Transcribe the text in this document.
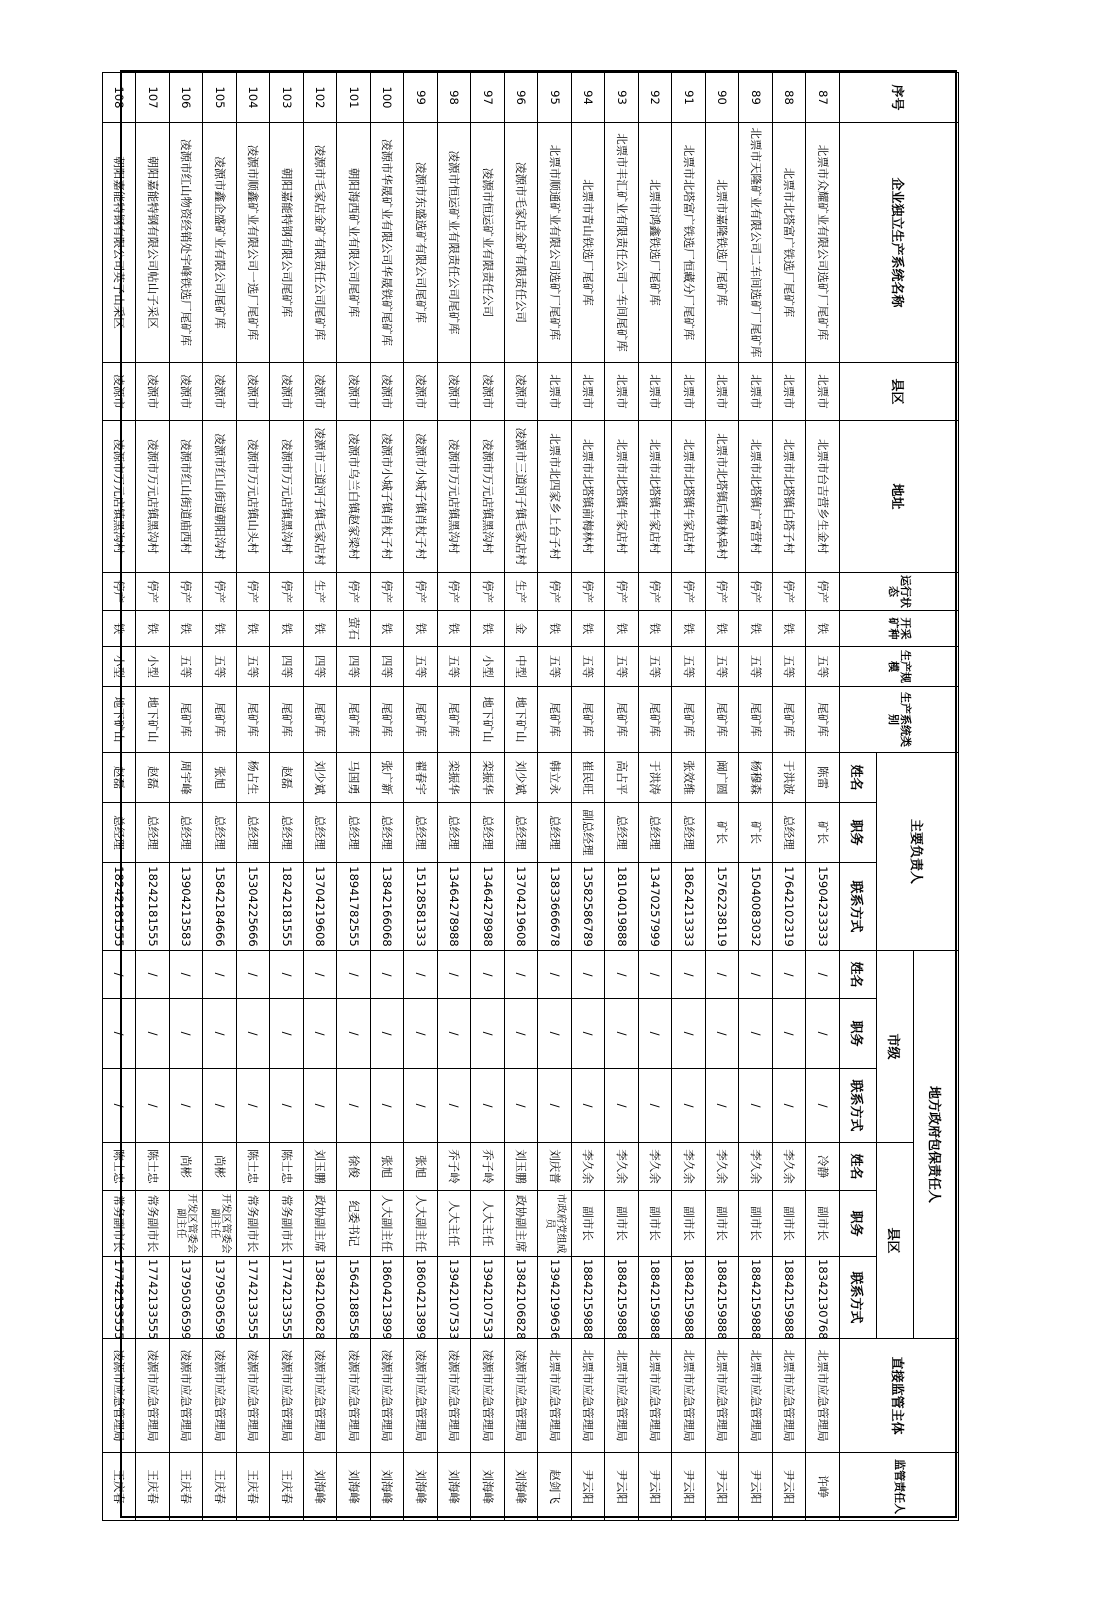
序号	企业独立生产系统名称	县区	地址	运行状态	开采矿种	生产规模	生产系统类别	主要负责人			地方政府包保责任人						直接监管主体	监管责任人
											市级			县区				
								姓名	职务	联系方式	姓名	职务	联系方式	姓名	职务	联系方式		
87	北票市众耀矿业有限公司选矿厂尾矿库	北票市	北票市台吉营乡生金村	停产	铁	五等	尾矿库	陈雷	矿长	15904233333	/	/	/	冷静	副市长	18342130768	北票市应急管理局	许峥
88	北票市北塔富广铁选厂尾矿库	北票市	北票市北塔镇白塔子村	停产	铁	五等	尾矿库	于洪波	总经理	17642102319	/	/	/	李久余	副市长	18842159888	北票市应急管理局	尹云阳
89	北票市天隆矿业有限公司二车间选矿厂尾矿库	北票市	北票市北塔镇广富营村	停产	铁	五等	尾矿库	杨穆森	矿长	15040083032	/	/	/	李久余	副市长	18842159888	北票市应急管理局	尹云阳
90	北票市嘉隆铁选厂尾矿库	北票市	北票市北塔镇后梅林皋村	停产	铁	五等	尾矿库	阚广圆	矿长	15762238119	/	/	/	李久余	副市长	18842159888	北票市应急管理局	尹云阳
91	北票市北塔富广铁选厂恒藏分厂尾矿库	北票市	北票市北塔镇牛家店村	停产	铁	五等	尾矿库	张效维	总经理	18624213333	/	/	/	李久余	副市长	18842159888	北票市应急管理局	尹云阳
92	北票市鸿鑫铁选厂尾矿库	北票市	北票市北塔镇牛家店村	停产	铁	五等	尾矿库	于洪涛	总经理	13470257999	/	/	/	李久余	副市长	18842159888	北票市应急管理局	尹云阳
93	北票市丰汇矿业有限责任公司一车间尾矿库	北票市	北票市北塔镇牛家店村	停产	铁	五等	尾矿库	高占平	总经理	18104019888	/	/	/	李久余	副市长	18842159888	北票市应急管理局	尹云阳
94	北票市青山铁选厂尾矿库	北票市	北票市北塔镇前梅林村	停产	铁	五等	尾矿库	崔民旺	副总经理	13582586789	/	/	/	李久余	副市长	18842159888	北票市应急管理局	尹云阳
95	北票市顺通矿业有限公司选矿厂尾矿库	北票市	北票市北四家乡上台子村	停产	铁	五等	尾矿库	韩立永	总经理	13833666678	/	/	/	刘庆普	市政府党组成员	13942199636	北票市应急管理局	赵剑飞
96	凌源市毛家店金矿有限责任公司	凌源市	凌源市三道河子镇毛家店村	生产	金	中型	地下矿山	刘少斌	总经理	13704219608	/	/	/	刘玉鹏	政协副主席	13842106828	凌源市应急管理局	刘海峰
97	凌源市恒运矿业有限责任公司	凌源市	凌源市万元店镇黑沟村	停产	铁	小型	地下矿山	栾振华	总经理	13464278988	/	/	/	乔子岭	人大主任	13942107533	凌源市应急管理局	刘海峰
98	凌源市恒运矿业有限责任公司尾矿库	凌源市	凌源市万元店镇黑沟村	停产	铁	五等	尾矿库	栾振华	总经理	13464278988	/	/	/	乔子岭	人大主任	13942107533	凌源市应急管理局	刘海峰
99	凌源市东盛选矿有限公司尾矿库	凌源市	凌源市小城子镇肖杖子村	停产	铁	五等	尾矿库	翟春宇	总经理	15128581333	/	/	/	张旭	人大副主任	18604213899	凌源市应急管理局	刘海峰
100	凌源市华晟矿业有限公司华晟铁矿尾矿库	凌源市	凌源市小城子镇肖杖子村	停产	铁	四等	尾矿库	张广新	总经理	13842166068	/	/	/	张旭	人大副主任	18604213899	凌源市应急管理局	刘海峰
101	朝阳海西矿业有限公司尾矿库	凌源市	凌源市乌兰白镇赵家梁村	停产	萤石	四等	尾矿库	马国勇	总经理	18941782555	/	/	/	徐俊	纪委书记	15642188558	凌源市应急管理局	刘海峰
102	凌源市毛家店金矿有限责任公司尾矿库	凌源市	凌源市三道河子镇毛家店村	生产	铁	四等	尾矿库	刘少斌	总经理	13704219608	/	/	/	刘玉鹏	政协副主席	13842106828	凌源市应急管理局	刘海峰
103	朝阳嘉能特钢有限公司尾矿库	凌源市	凌源市万元店镇黑沟村	停产	铁	四等	尾矿库	赵磊	总经理	18242181555	/	/	/	陈士忠	常务副市长	17742133555	凌源市应急管理局	王庆春
104	凌源市顺鑫矿业有限公司一选厂尾矿库	凌源市	凌源市万元店镇山头村	停产	铁	五等	尾矿库	杨占生	总经理	15304225666	/	/	/	陈士忠	常务副市长	17742133555	凌源市应急管理局	王庆春
105	凌源市鑫企盛矿业有限公司尾矿库	凌源市	凌源市红山街道朝阳沟村	停产	铁	五等	尾矿库	张旭	总经理	15842184666	/	/	/	尚彬	开发区管委会副主任	13795036599	凌源市应急管理局	王庆春
106	凌源市红山物资经销处宇峰铁选厂尾矿库	凌源市	凌源市红山街道庙西村	停产	铁	五等	尾矿库	周宇峰	总经理	13904213583	/	/	/	尚彬	开发区管委会副主任	13795036599	凌源市应急管理局	王庆春
107	朝阳嘉能特钢有限公司帖山子采区	凌源市	凌源市万元店镇黑沟村	停产	铁	小型	地下矿山	赵磊	总经理	18242181555	/	/	/	陈士忠	常务副市长	17742133555	凌源市应急管理局	王庆春
108	朝阳嘉能特钢有限公司英子山采区	凌源市	凌源市万元店镇黑沟村	停产	铁	小型	地下矿山	赵磊	总经理	18242181555	/	/	/	陈士忠	常务副市长	17742133555	凌源市应急管理局	王庆春
